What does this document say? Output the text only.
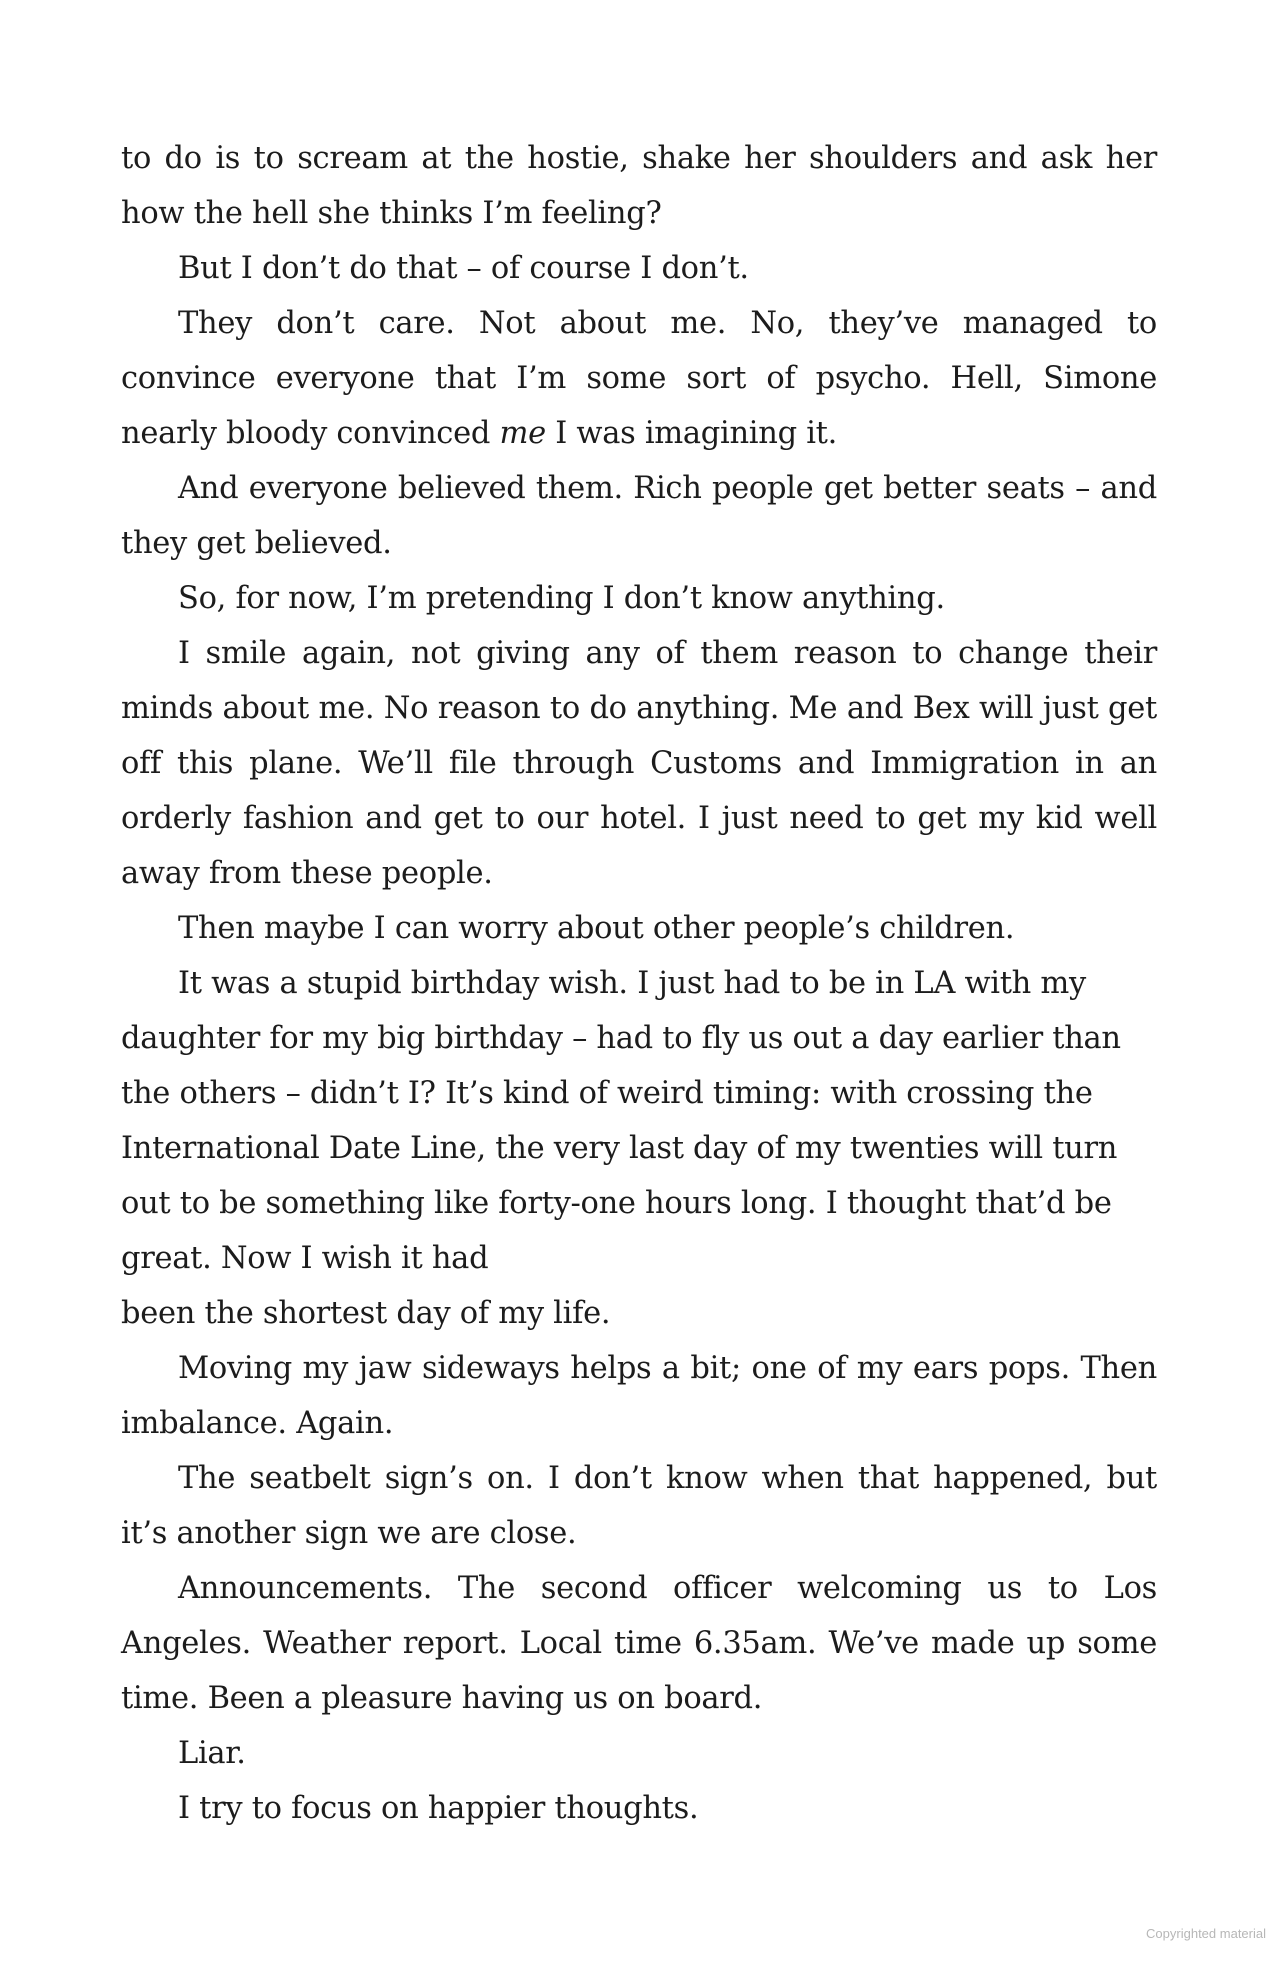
to do is to scream at the hostie, shake her shoulders and ask her how the hell she thinks I’m feeling?

But I don’t do that – of course I don’t.

They don’t care. Not about me. No, they’ve managed to convince everyone that I’m some sort of psycho. Hell, Simone nearly bloody convinced me I was imagining it.

And everyone believed them. Rich people get better seats – and they get believed.

So, for now, I’m pretending I don’t know anything.

I smile again, not giving any of them reason to change their minds about me. No reason to do anything. Me and Bex will just get off this plane. We’ll file through Customs and Immigration in an orderly fashion and get to our hotel. I just need to get my kid well away from these people.

Then maybe I can worry about other people’s children.

It was a stupid birthday wish. I just had to be in LA with my daughter for my big birthday – had to fly us out a day earlier than the others – didn’t I? It’s kind of weird timing: with crossing the International Date Line, the very last day of my twenties will turn out to be something like forty-one hours long. I thought that’d be great. Now I wish it had

been the shortest day of my life.

Moving my jaw sideways helps a bit; one of my ears pops. Then imbalance. Again.

The seatbelt sign’s on. I don’t know when that happened, but it’s another sign we are close.

Announcements. The second officer welcoming us to Los Angeles. Weather report. Local time 6.35am. We’ve made up some time. Been a pleasure having us on board.

Liar.

I try to focus on happier thoughts.

Copyrighted material
